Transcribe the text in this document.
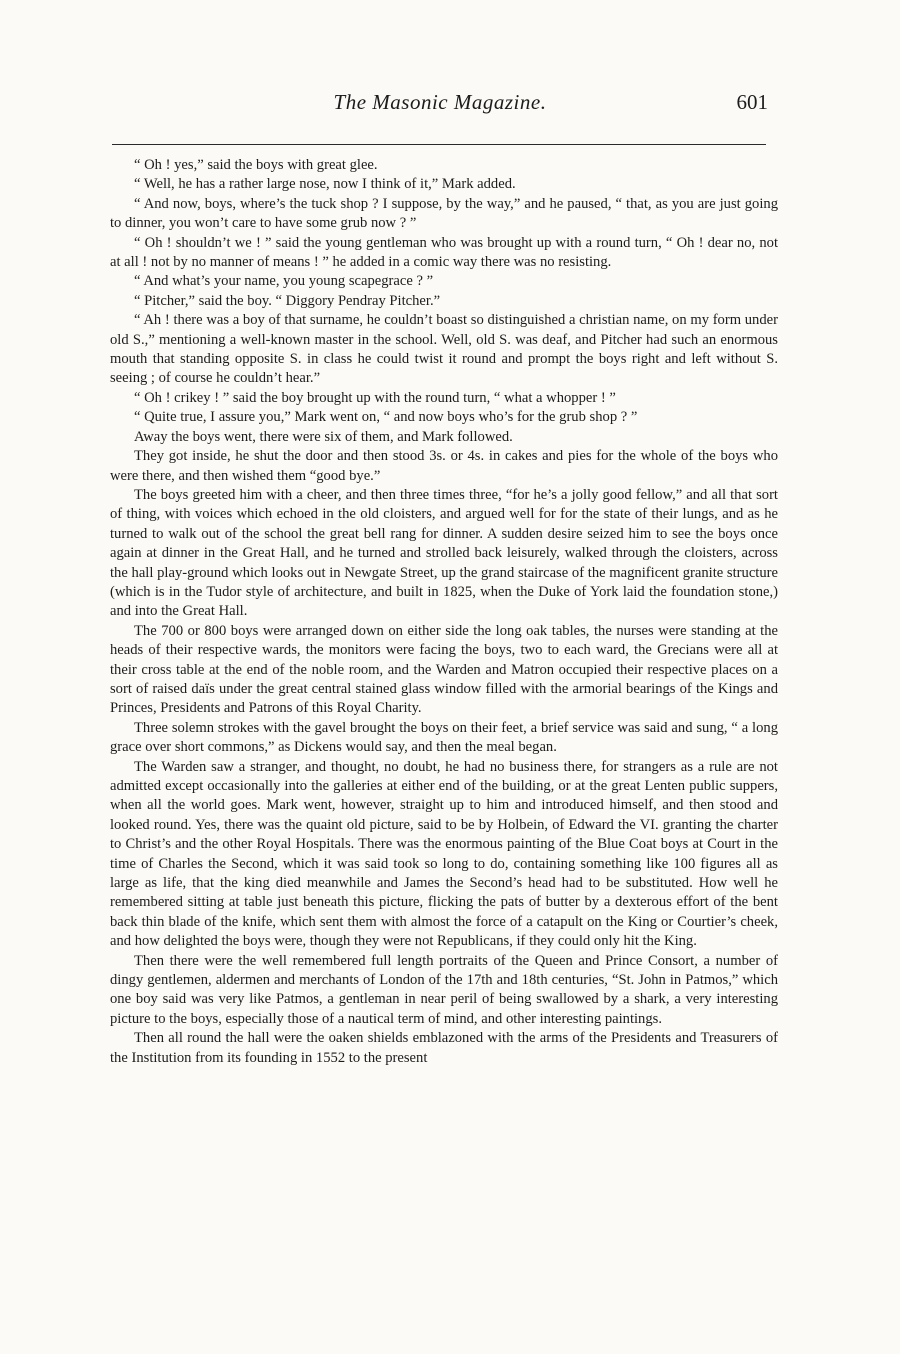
The Masonic Magazine.	601

“ Oh ! yes,” said the boys with great glee.

“ Well, he has a rather large nose, now I think of it,” Mark added.

“ And now, boys, where’s the tuck shop ? I suppose, by the way,” and he paused, “ that, as you are just going to dinner, you won’t care to have some grub now ? ”

“ Oh ! shouldn’t we ! ” said the young gentleman who was brought up with a round turn, “ Oh ! dear no, not at all ! not by no manner of means ! ” he added in a comic way there was no resisting.

“ And what’s your name, you young scapegrace ? ”

“ Pitcher,” said the boy. “ Diggory Pendray Pitcher.”

“ Ah ! there was a boy of that surname, he couldn’t boast so distinguished a christian name, on my form under old S.,” mentioning a well-known master in the school. Well, old S. was deaf, and Pitcher had such an enormous mouth that standing opposite S. in class he could twist it round and prompt the boys right and left without S. seeing ; of course he couldn’t hear.”

“ Oh ! crikey ! ” said the boy brought up with the round turn, “ what a whopper ! ”

“ Quite true, I assure you,” Mark went on, “ and now boys who’s for the grub shop ? ”

Away the boys went, there were six of them, and Mark followed.

They got inside, he shut the door and then stood 3s. or 4s. in cakes and pies for the whole of the boys who were there, and then wished them “good bye.”

The boys greeted him with a cheer, and then three times three, “for he’s a jolly good fellow,” and all that sort of thing, with voices which echoed in the old cloisters, and argued well for for the state of their lungs, and as he turned to walk out of the school the great bell rang for dinner. A sudden desire seized him to see the boys once again at dinner in the Great Hall, and he turned and strolled back leisurely, walked through the cloisters, across the hall play-ground which looks out in Newgate Street, up the grand staircase of the magnificent granite structure (which is in the Tudor style of architecture, and built in 1825, when the Duke of York laid the foundation stone,) and into the Great Hall.

The 700 or 800 boys were arranged down on either side the long oak tables, the nurses were standing at the heads of their respective wards, the monitors were facing the boys, two to each ward, the Grecians were all at their cross table at the end of the noble room, and the Warden and Matron occupied their respective places on a sort of raised daïs under the great central stained glass window filled with the armorial bearings of the Kings and Princes, Presidents and Patrons of this Royal Charity.

Three solemn strokes with the gavel brought the boys on their feet, a brief service was said and sung, “ a long grace over short commons,” as Dickens would say, and then the meal began.

The Warden saw a stranger, and thought, no doubt, he had no business there, for strangers as a rule are not admitted except occasionally into the galleries at either end of the building, or at the great Lenten public suppers, when all the world goes. Mark went, however, straight up to him and introduced himself, and then stood and looked round. Yes, there was the quaint old picture, said to be by Holbein, of Edward the VI. granting the charter to Christ’s and the other Royal Hospitals. There was the enormous painting of the Blue Coat boys at Court in the time of Charles the Second, which it was said took so long to do, containing something like 100 figures all as large as life, that the king died meanwhile and James the Second’s head had to be substituted. How well he remembered sitting at table just beneath this picture, flicking the pats of butter by a dexterous effort of the bent back thin blade of the knife, which sent them with almost the force of a catapult on the King or Courtier’s cheek, and how delighted the boys were, though they were not Republicans, if they could only hit the King.

Then there were the well remembered full length portraits of the Queen and Prince Consort, a number of dingy gentlemen, aldermen and merchants of London of the 17th and 18th centuries, “St. John in Patmos,” which one boy said was very like Patmos, a gentleman in near peril of being swallowed by a shark, a very interesting picture to the boys, especially those of a nautical term of mind, and other interesting paintings.

Then all round the hall were the oaken shields emblazoned with the arms of the Presidents and Treasurers of the Institution from its founding in 1552 to the present
